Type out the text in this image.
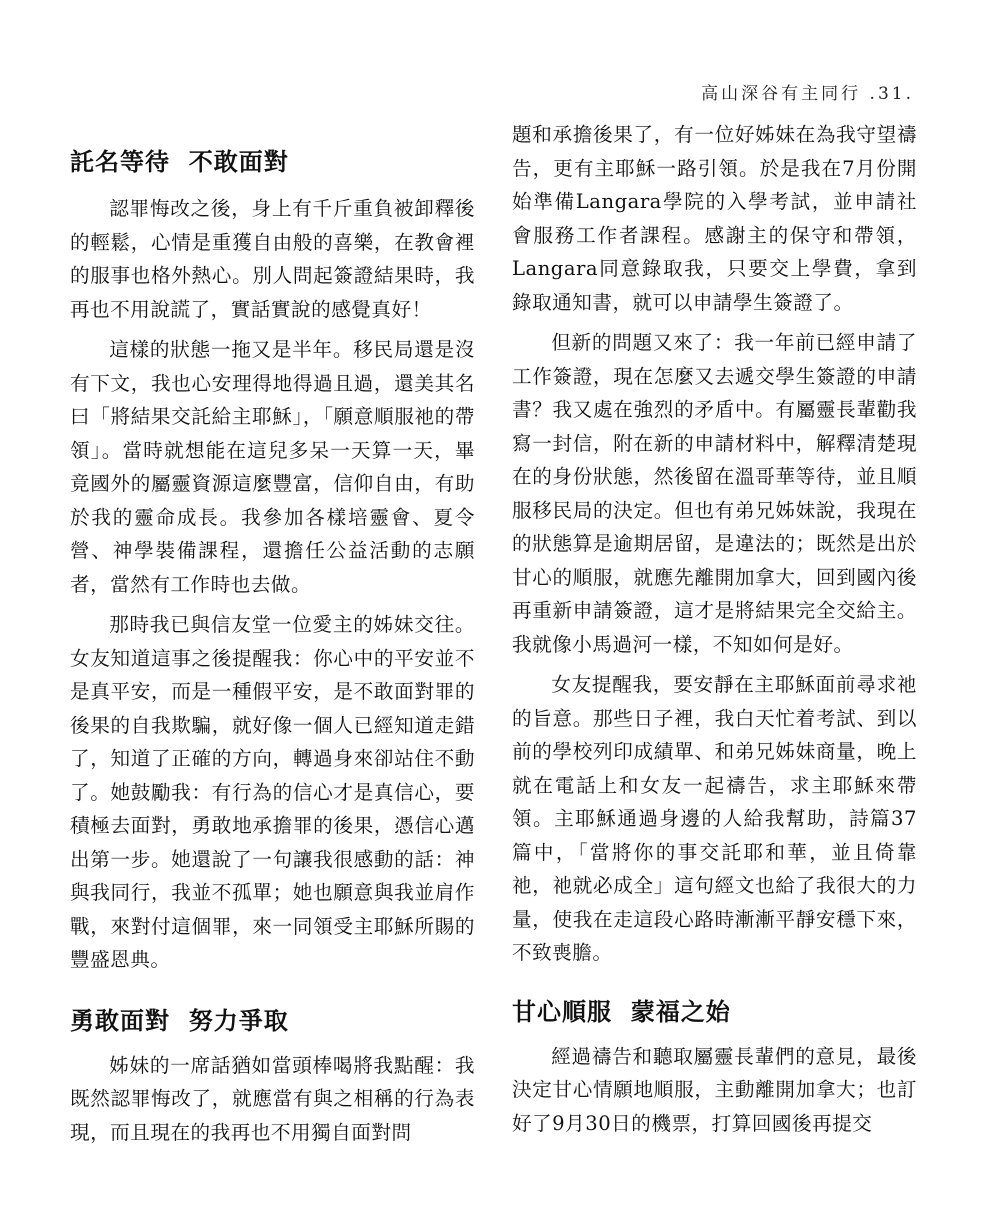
高山深谷有主同行 .31.
託名等待  不敢面對

認罪悔改之後，身上有千斤重負被卸釋後的輕鬆，心情是重獲自由般的喜樂，在教會裡的服事也格外熱心。別人問起簽證結果時，我再也不用說謊了，實話實說的感覺真好！

這樣的狀態一拖又是半年。移民局還是沒有下文，我也心安理得地得過且過，還美其名曰「將結果交託給主耶穌」，「願意順服祂的帶領」。當時就想能在這兒多呆一天算一天，畢竟國外的屬靈資源這麼豐富，信仰自由，有助於我的靈命成長。我參加各樣培靈會、夏令營、神學裝備課程，還擔任公益活動的志願者，當然有工作時也去做。

那時我已與信友堂一位愛主的姊妹交往。女友知道這事之後提醒我：你心中的平安並不是真平安，而是一種假平安，是不敢面對罪的後果的自我欺騙，就好像一個人已經知道走錯了，知道了正確的方向，轉過身來卻站住不動了。她鼓勵我：有行為的信心才是真信心，要積極去面對，勇敢地承擔罪的後果，憑信心邁出第一步。她還說了一句讓我很感動的話：神與我同行，我並不孤單；她也願意與我並肩作戰，來對付這個罪，來一同領受主耶穌所賜的豐盛恩典。

勇敢面對  努力爭取

姊妹的一席話猶如當頭棒喝將我點醒：我既然認罪悔改了，就應當有與之相稱的行為表現，而且現在的我再也不用獨自面對問

題和承擔後果了，有一位好姊妹在為我守望禱告，更有主耶穌一路引領。於是我在7月份開始準備Langara學院的入學考試，並申請社會服務工作者課程。感謝主的保守和帶領，Langara同意錄取我，只要交上學費，拿到錄取通知書，就可以申請學生簽證了。

但新的問題又來了：我一年前已經申請了工作簽證，現在怎麼又去遞交學生簽證的申請書？我又處在強烈的矛盾中。有屬靈長輩勸我寫一封信，附在新的申請材料中，解釋清楚現在的身份狀態，然後留在溫哥華等待，並且順服移民局的決定。但也有弟兄姊妹說，我現在的狀態算是逾期居留，是違法的；既然是出於甘心的順服，就應先離開加拿大，回到國內後再重新申請簽證，這才是將結果完全交給主。我就像小馬過河一樣，不知如何是好。

女友提醒我，要安靜在主耶穌面前尋求祂的旨意。那些日子裡，我白天忙着考試、到以前的學校列印成績單、和弟兄姊妹商量，晚上就在電話上和女友一起禱告，求主耶穌來帶領。主耶穌通過身邊的人給我幫助，詩篇37篇中，「當將你的事交託耶和華，並且倚靠祂，祂就必成全」這句經文也給了我很大的力量，使我在走這段心路時漸漸平靜安穩下來，不致喪膽。

甘心順服  蒙福之始

經過禱告和聽取屬靈長輩們的意見，最後決定甘心情願地順服，主動離開加拿大；也訂好了9月30日的機票，打算回國後再提交
